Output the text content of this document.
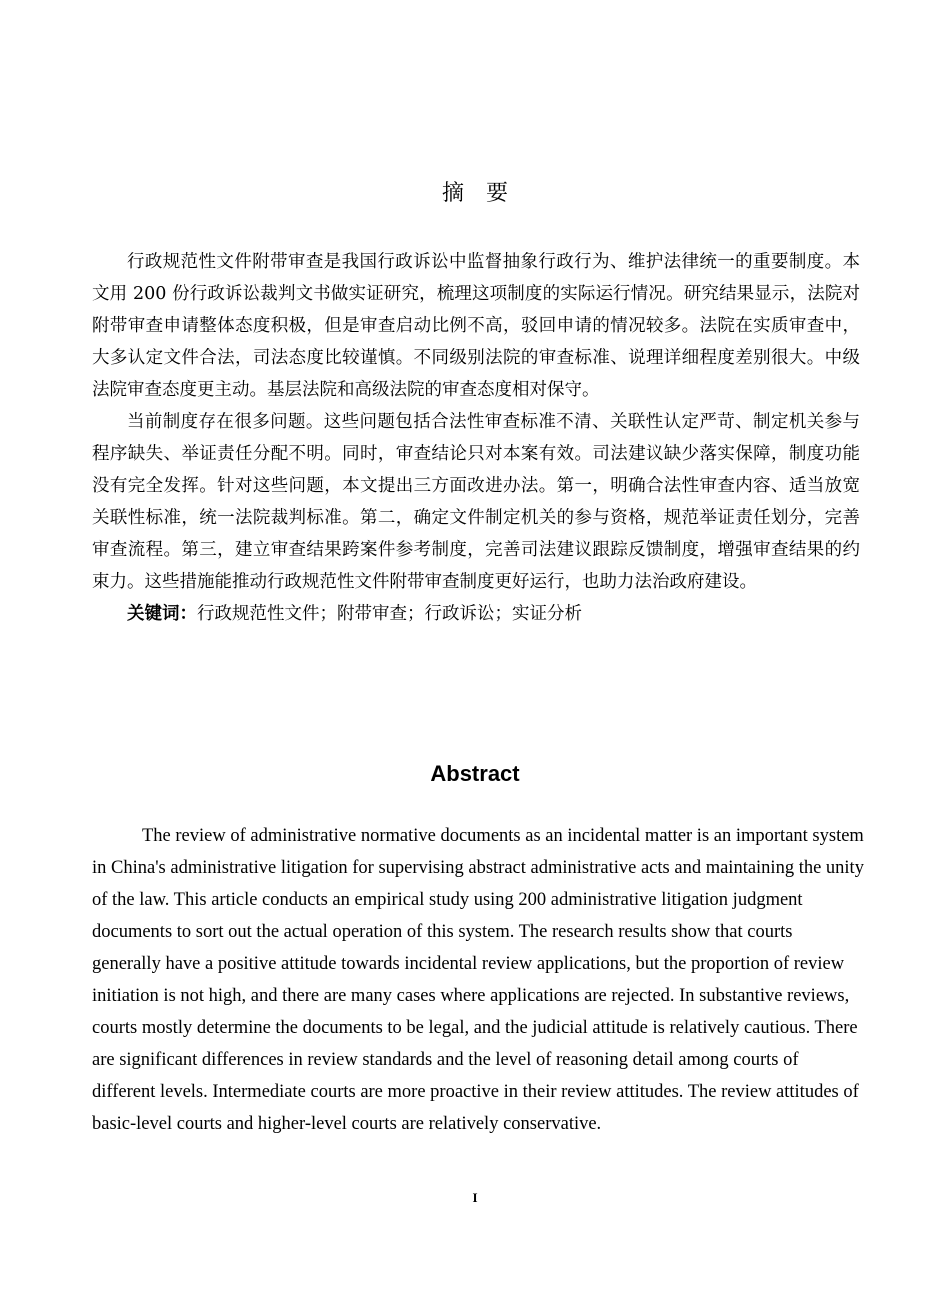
摘要

行政规范性文件附带审查是我国行政诉讼中监督抽象行政行为、维护法律统一的重要制度。本文用 200 份行政诉讼裁判文书做实证研究，梳理这项制度的实际运行情况。研究结果显示，法院对附带审查申请整体态度积极，但是审查启动比例不高，驳回申请的情况较多。法院在实质审查中，大多认定文件合法，司法态度比较谨慎。不同级别法院的审查标准、说理详细程度差别很大。中级法院审查态度更主动。基层法院和高级法院的审查态度相对保守。

当前制度存在很多问题。这些问题包括合法性审查标准不清、关联性认定严苛、制定机关参与程序缺失、举证责任分配不明。同时，审查结论只对本案有效。司法建议缺少落实保障，制度功能没有完全发挥。针对这些问题，本文提出三方面改进办法。第一，明确合法性审查内容、适当放宽关联性标准，统一法院裁判标准。第二，确定文件制定机关的参与资格，规范举证责任划分，完善审查流程。第三，建立审查结果跨案件参考制度，完善司法建议跟踪反馈制度，增强审查结果的约束力。这些措施能推动行政规范性文件附带审查制度更好运行，也助力法治政府建设。

关键词：行政规范性文件；附带审查；行政诉讼；实证分析

Abstract

The review of administrative normative documents as an incidental matter is an important system in China's administrative litigation for supervising abstract administrative acts and maintaining the unity of the law. This article conducts an empirical study using 200 administrative litigation judgment documents to sort out the actual operation of this system. The research results show that courts generally have a positive attitude towards incidental review applications, but the proportion of review initiation is not high, and there are many cases where applications are rejected. In substantive reviews, courts mostly determine the documents to be legal, and the judicial attitude is relatively cautious. There are significant differences in review standards and the level of reasoning detail among courts of different levels. Intermediate courts are more proactive in their review attitudes. The review attitudes of basic-level courts and higher-level courts are relatively conservative.

I
